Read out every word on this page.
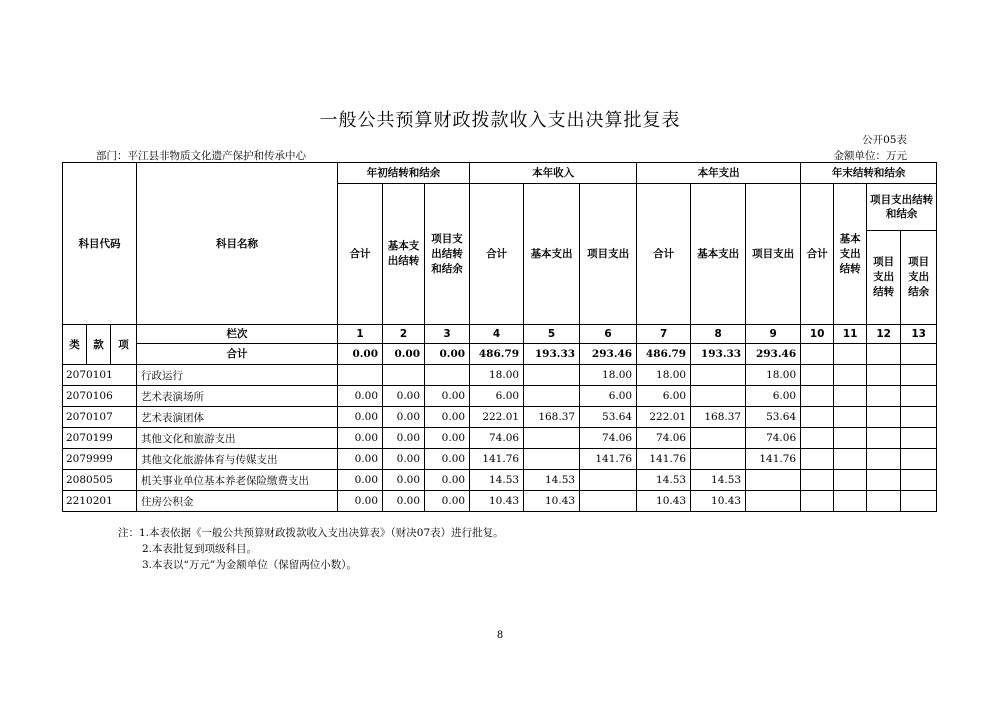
一般公共预算财政拨款收入支出决算批复表
公开05表
部门：平江县非物质文化遗产保护和传承中心	金额单位：万元
科目代码			科目名称	年初结转和结余			本年收入			本年支出			年末结转和结余			
				合计	基本支出结转	项目支出结转和结余	合计	基本支出	项目支出	合计	基本支出	项目支出	合计	基本支出结转	项目支出结转和结余	
															项目支出结转	项目支出结余
类	款	项	栏次	1	2	3	4	5	6	7	8	9	10	11	12	13
			合计	0.00	0.00	0.00	486.79	193.33	293.46	486.79	193.33	293.46				
2070101			行政运行				18.00		18.00	18.00		18.00				
2070106			艺术表演场所	0.00	0.00	0.00	6.00		6.00	6.00		6.00				
2070107			艺术表演团体	0.00	0.00	0.00	222.01	168.37	53.64	222.01	168.37	53.64				
2070199			其他文化和旅游支出	0.00	0.00	0.00	74.06		74.06	74.06		74.06				
2079999			其他文化旅游体育与传媒支出	0.00	0.00	0.00	141.76		141.76	141.76		141.76				
2080505			机关事业单位基本养老保险缴费支出	0.00	0.00	0.00	14.53	14.53		14.53	14.53					
2210201			住房公积金	0.00	0.00	0.00	10.43	10.43		10.43	10.43					
注：1.本表依据《一般公共预算财政拨款收入支出决算表》（财决07表）进行批复。
2.本表批复到项级科目。
3.本表以“万元”为金额单位（保留两位小数）。
8
